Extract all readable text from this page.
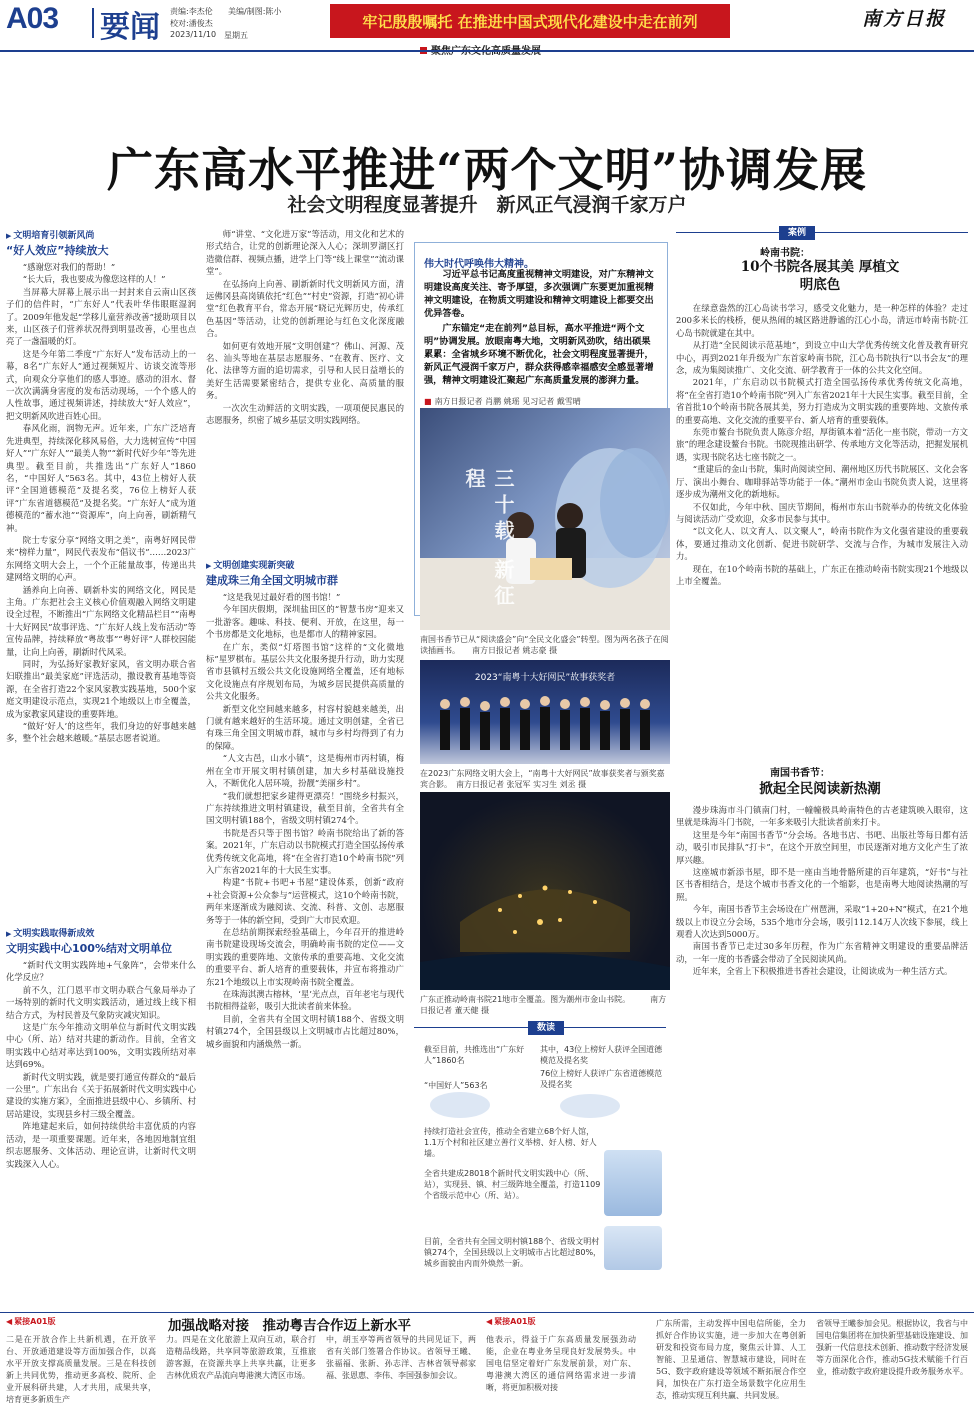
A03 要闻 责编:李杰伦 美编/制图:陈小
校对:潘俊杰
2023/11/10 星期五
牢记殷殷嘱托 在推进中国式现代化建设中走在前列	南方日报
广东高水平推进“两个文明”协调发展
社会文明程度显著提升　新风正气浸润千家万户
▶ 文明培育引领新风尚
“好人效应”持续放大

“感谢您对我们的帮助！”

“长大后，我也要成为像您这样的人！”

当屏幕大屏幕上展示出一封封来自云南山区孩子们的信件时，“广东好人”代表叶华伟眼眶湿润了。2009年他发起“学移儿童营养改善”援助项目以来，山区孩子们营养状况得到明显改善，心里也点亮了一盏温暖的灯。

这是今年第二季度“广东好人”发布活动上的一幕，8名“广东好人”通过视频短片、访谈交流等形式，向观众分享他们的感人事迹。感动的泪水、督一次次满满身害度的发布活动现场，一个个感人的人性故事，通过视频讲述，持续放大“好人效应”，把文明新风吹进百姓心田。

春风化雨，润物无声。近年来，广东广泛培育先进典型，持续深化移风易俗，大力选树宣传“中国好人”“广东好人”“最美人物”“新时代好少年”等先进典型。截至目前，共推选出“广东好人”1860名，“中国好人”563名。其中，43位上榜好人获评“全国道德模范”及提名奖，76位上榜好人获评“广东省道德模范”及提名奖。“广东好人”成为道德模范的“蓄水池”“资源库”，向上向善，刷新精气神。

院士专家分享“网络文明之美”，南粤好网民带来“榜样力量”，网民代表发布“倡议书”……2023广东网络文明大会上，一个个正能量故事，传递出共建网络文明的心声。

涵养向上向善、刷新朴实的网络文化，网民是主角。广东把社会主义核心价值观融入网络文明建设全过程，不断推出“广东网络文化精品栏目”“南粤十大好网民”故事评选、“广东好人线上发布活动”等宣传品牌，持续释放“粤故事”“粤好评”人群校园能量，让向上向善，刷新时代风采。

同时，为弘扬好家教好家风，省文明办联合省妇联推出“最美家庭”评选活动，撒设教育基地等资源，在全省打造22个家风家教实践基地，500个家庭文明建设示范点，实现21个地级以上市全覆盖，成为家教家风建设的重要阵地。

“做好‘好人’的这些年，我们身边的好事越来越多，整个社会越来越暖。”基层志愿者说道。

▶ 文明实践取得新成效
文明实践中心100%结对文明单位

“新时代文明实践阵地+气象阵”，会带来什么化学反应？

前不久，江门恩平市文明办联合气象局举办了一场特别的新时代文明实践活动，通过线上线下相结合方式，为村民普及气象防灾减灾知识。

这是广东今年推动文明单位与新时代文明实践中心（所、站）结对共建的新动作。目前，全省文明实践中心结对率达到100%，文明实践所结对率达到69%。

新时代文明实践，就是要打通宣传群众的“最后一公里”。广东出台《关于拓展新时代文明实践中心建设的实施方案》，全面推进县级中心、乡镇所、村居站建设，实现县乡村三级全覆盖。

阵地建起来后，如何持续供给丰富优质的内容活动，是一项重要课题。近年来，各地因地制宜组织志愿服务、文体活动、理论宣讲，让新时代文明实践深入人心。

师“讲堂、“文化进万家”等活动，用文化和艺术的形式结合，让党的创新理论深入人心；深圳罗湖区打造微信群、视频点播，进学上门等“线上课堂”“流动课堂”。

在弘扬向上向善、刷新新时代文明新风方面，清远佛冈县高岗镇依托“红色”“村史”资源，打造“初心讲堂”红色教育平台，常态开展“晓记光辉历史，传承红色基因”等活动，让党的创新理论与红色文化深度融合。

如何更有效地开展“文明创建”？佛山、河源、茂名、汕头等地在基层志愿服务、“在教育、医疗、文化、法律等方面的追切需求，引导和人民日益增长的美好生活需要紧密结合，提供专业化、高质量的服务。

一次次生动鲜活的文明实践，一项项便民惠民的志愿服务，织密了城乡基层文明实践网络。

▶ 文明创建实现新突破
建成珠三角全国文明城市群

“这是我见过最好看的图书馆！”

今年国庆假期，深圳盐田区的“智慧书房”迎来又一批游客。趣味、科技、便利、开放，在这里，每一个书房都是文化地标，也是都市人的精神家园。

在广东，类似“灯塔图书馆”这样的“文化微地标”星罗棋布。基层公共文化服务提升行动，助力实现省市县镇村五级公共文化设施网络全覆盖，还有地标文化设施点有序规划布局，为城乡居民提供高质量的公共文化服务。

新型文化空间越来越多，村容村貌越来越美，出门就有越来越好的生活环境。通过文明创建，全省已有珠三角全国文明城市群，城市与乡村均得到了有力的保障。

“人文古邑，山水小镇”，这是梅州市丙村镇，梅州在全市开展文明村镇创建，加大乡村基础设施投入，不断优化人居环境，扮靓“美丽乡村”。

“我们就想把家乡建得更漂亮！”围绕乡村振兴，广东持续推进文明村镇建设，截至目前，全省共有全国文明村镇188个，省级文明村镇274个。

书院是否只等于图书馆？岭南书院给出了新的答案。2021年，广东启动以书院模式打造全国弘扬传承优秀传统文化高地，将“在全省打造10个岭南书院”列入广东省2021年的十大民生实事。

构建“书院+书吧+书屋”建设体系，创新“政府+社会资源+公众参与”运营模式，这10个岭南书院，两年来逐渐成为融阅读、交流、科普、文创、志愿服务等于一体的新空间，受到广大市民欢迎。

在总结前期探索经验基础上，今年召开的推进岭南书院建设现场交流会，明确岭南书院的定位——文明实践的重要阵地、文旅传承的重要高地、文化交流的重要平台、新人培育的重要载体，并宣布将推动广东21个地级以上市实现岭南书院全覆盖。

在珠海淇澳古榕林，‘星’光点点，百年老宅与现代书院相得益彰，吸引大批读者前来体验。

目前，全省共有全国文明村镇188个、省级文明村镇274个，全国县级以上文明城市占比超过80%，城乡面貌和内涵焕然一新。

伟大时代呼唤伟大精神。

习近平总书记高度重视精神文明建设，对广东精神文明建设高度关注、寄予厚望，多次强调广东要更加重视精神文明建设，在物质文明建设和精神文明建设上都要交出优异答卷。

广东锚定“走在前列”总目标，高水平推进“两个文明”协调发展。放眼南粤大地，文明新风劲吹，结出硕果累累：全省城乡环境不断优化，社会文明程度显著提升，新风正气浸润千家万户，群众获得感幸福感安全感显著增强，精神文明建设汇聚起广东高质量发展的澎湃力量。

■ 南方日报记者 肖鹏 姚瑶 见习记者 戴雪晴
三十载 新征程
南国书香节已从“阅读盛会”向“全民文化盛会”转型。图为两名孩子在阅读插画书。　　南方日报记者 姚志豪 摄
2023“南粤十大好网民”故事获奖者
在2023广东网络文明大会上，“南粤十大好网民”故事获奖者与颁奖嘉宾合影。　南方日报记者 张冠军 实习生 刘丞 摄
广东正推动岭南书院21地市全覆盖。图为潮州市金山书院。　　　南方日报记者 董天健 摄
数读
截至目前，共推选出“广东好人”1860名
“中国好人”563名
其中，43位上榜好人获评全国道德模范及提名奖
76位上榜好人获评广东省道德模范及提名奖
持续打造社会宣传，推动全省建立68个好人馆，1.1万个村和社区建立善行义举榜、好人榜、好人墙。
全省共建成28018个新时代文明实践中心（所、站），实现县、镇、村三级阵地全覆盖，打造1109个省级示范中心（所、站）。
目前，全省共有全国文明村镇188个、省级文明村镇274个，全国县级以上文明城市占比超过80%，城乡面貌由内而外焕然一新。
案例
岭南书院：
10个书院各展其美 厚植文明底色

在绿意盎然的江心岛读书学习，感受文化魅力，是一种怎样的体验？走过200多米长的栈桥，便从热闹的城区路进静谧的江心小岛，清远市岭南书院·江心岛书院就建在其中。

从打造“全民阅读示范基地”，到设立中山大学优秀传统文化普及教育研究中心，再到2021年升级为广东首家岭南书院，江心岛书院执行“以书会友”的理念，成为集阅读推广、文化交流、研学教育于一体的公共文化空间。

2021年，广东启动以书院模式打造全国弘扬传承优秀传统文化高地，将“在全省打造10个岭南书院”列入广东省2021年十大民生实事。截至目前，全省首批10个岭南书院各展其美，努力打造成为文明实践的重要阵地、文旅传承的重要高地、文化交流的重要平台、新人培育的重要载体。

东莞市鳌台书院负责人陈彦介绍，厚街镇本着“活化一座书院，带动一方文旅”的理念建设鳌台书院。书院现推出研学、传承地方文化等活动，把握发展机遇，实现书院名达七座书院之一。

“重建后的金山书院，集时尚阅读空间、潮州地区历代书院展区、文化会客厅、演出小舞台、咖啡驿站等功能于一体。”潮州市金山书院负责人说，这里将逐步成为潮州文化的新地标。

不仅如此，今年中秋、国庆节期间，梅州市东山书院举办的传统文化体验与阅读活动广受欢迎，众多市民参与其中。

“以文化人、以文育人、以文聚人”，岭南书院作为文化强省建设的重要载体，要通过推动文化创新、促进书院研学、交流与合作，为城市发展注入动力。

现在，在10个岭南书院的基础上，广东正在推动岭南书院实现21个地级以上市全覆盖。

南国书香节：
掀起全民阅读新热潮

漫步珠海市斗门镇南门村，一幢幢极具岭南特色的古老建筑映入眼帘，这里就是珠海斗门书院，一年多来吸引大批读者前来打卡。

这里是今年“南国书香节”分会场。各地书店、书吧、出版社等每日都有活动，吸引市民排队“打卡”，在这个开放空间里，市民逐渐对地方文化产生了浓厚兴趣。

这座城市新添书屋，即不是一座由当地骨骼所建的百年建筑，“好书”与社区书香相结合，是这个城市书香文化的一个缩影，也是南粤大地阅读热潮的写照。

今年，南国书香节主会场设在广州琶洲，采取“1+20+N”模式，在21个地级以上市设立分会场，535个地市分会场，吸引112.14万人次线下参展，线上观看人次达到5000万。

南国书香节已走过30多年历程，作为广东省精神文明建设的重要品牌活动，一年一度的书香盛会带动了全民阅读风尚。

近年来，全省上下积极推进书香社会建设，让阅读成为一种生活方式。

◀ 紧接A01版	加强战略对接　推动粤吉合作迈上新水平
◀	紧接A01版
二是在开放合作上共新机遇，在开放平台、开放通道建设等方面加强合作，以高水平开放支撑高质量发展。三是在科技创新上共同优势，推动更多高校、院所、企业开展科研共建，人才共用，成果共享，培育更多新质生产
力。四是在文化旅游上双向互动，联合打造精品线路，共享同等旅游政策，互推旅游客源，在资源共享上共享共赢，让更多吉林优质农产品流向粤港澳大湾区市场。
中，胡玉亭等两省领导的共同见证下，两省有关部门签署合作协议。省领导王曦、张福福、张新、孙志洋、吉林省领导郝家福、张恩惠、李伟、李国强参加会议。
他表示，得益于广东高质量发展强劲动能，企业在粤业务呈现良好发展势头。中国电信坚定着好广东发展前景，对广东、粤港澳大湾区的通信网络需求进一步清晰，将更加积极对接
广东所需，主动发挥中国电信所能，全力抓好合作协议实施，进一步加大在粤创新研发和投资布局力度，聚焦云计算、人工智能、卫星通信、智慧城市建设，同时在5G、数字政府建设等领域不断拓展合作空间，加快在广东打造全场景数字化应用生态，推动实现互利共赢、共同发展。
省领导王曦参加会见。根据协议，我省与中国电信集团将在加快新型基础设施建设、加强新一代信息技术创新、推动数字经济发展等方面深化合作，推动5G技术赋能千行百业，推动数字政府建设提升政务服务水平。
